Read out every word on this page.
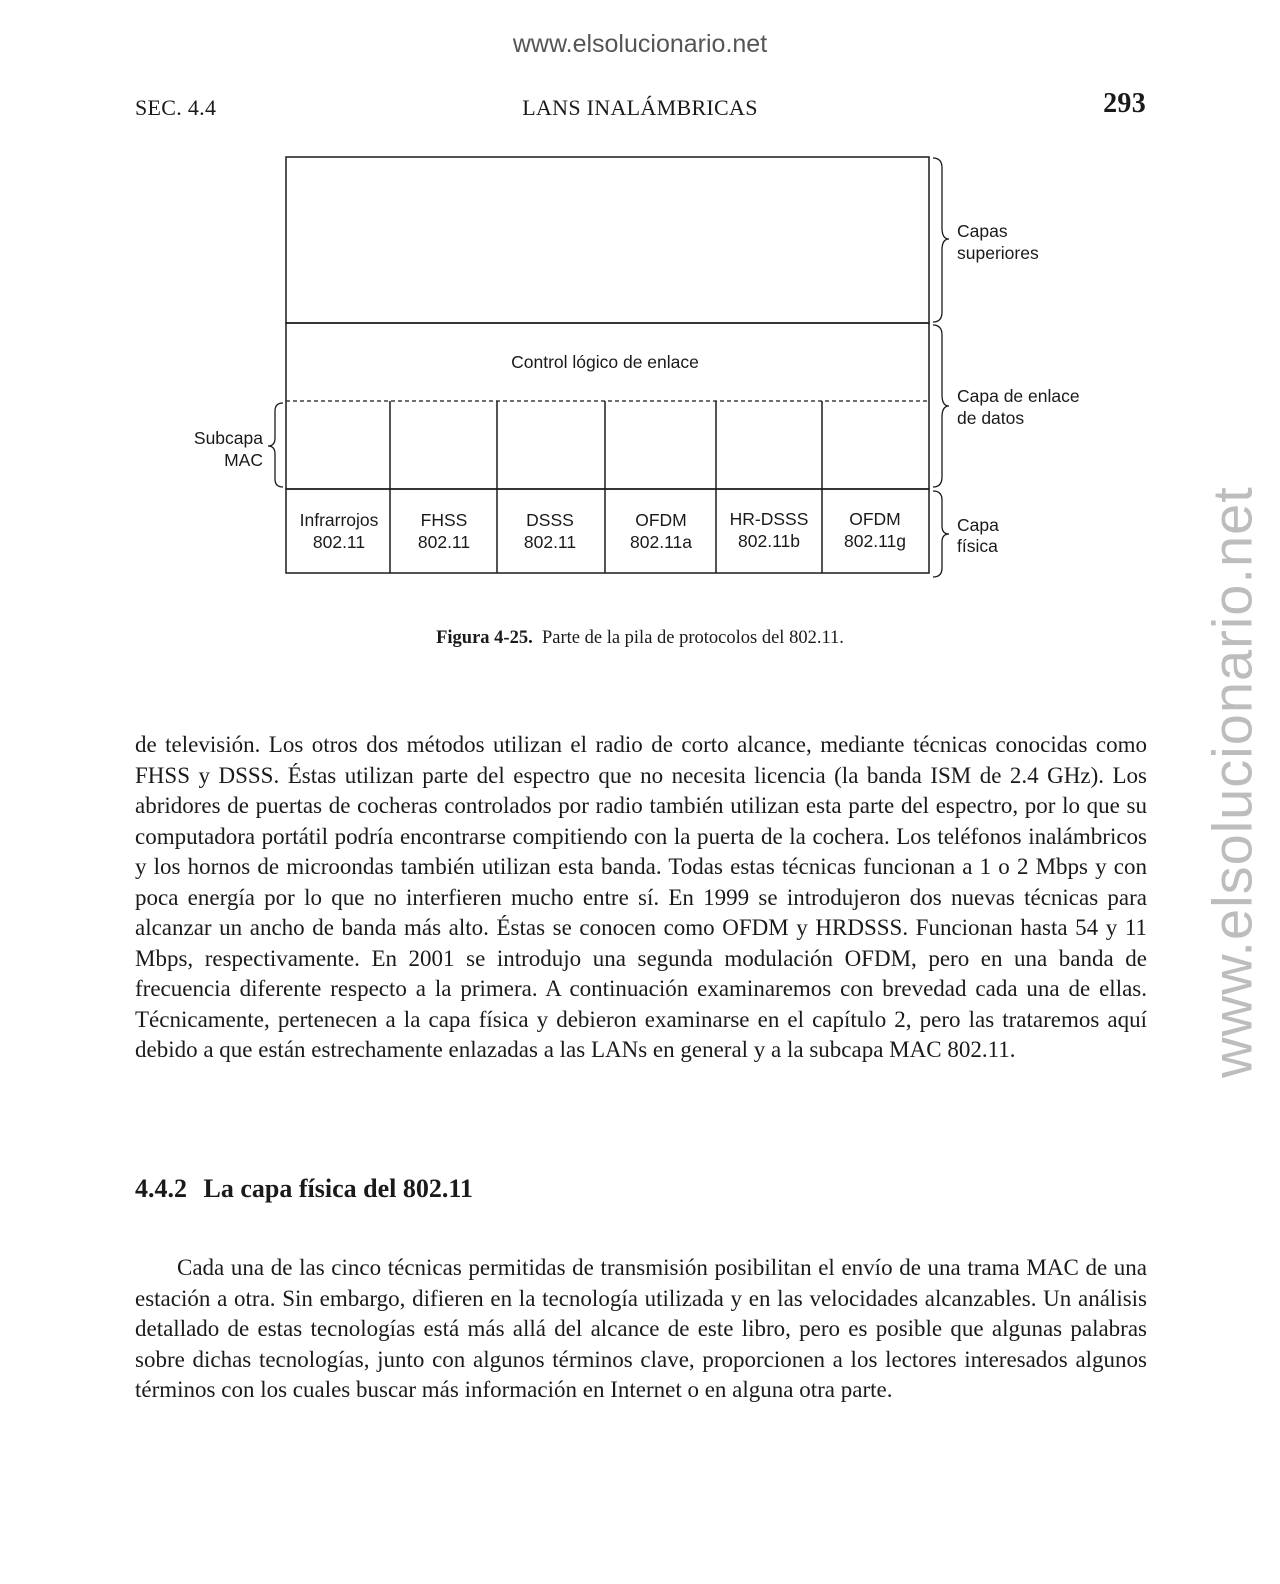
www.elsolucionario.net
www.elsolucionario.net
SEC. 4.4	LANS INALÁMBRICAS	293
Control lógico de enlace
Infrarrojos
802.11
FHSS
802.11
DSSS
802.11
OFDM
802.11a
HR-DSSS
802.11b
OFDM
802.11g
Capas
superiores
Capa de enlace
de datos
Capa
física
Subcapa
MAC
Figura 4-25. Parte de la pila de protocolos del 802.11.
de televisión. Los otros dos métodos utilizan el radio de corto alcance, mediante técnicas conocidas como FHSS y DSSS. Éstas utilizan parte del espectro que no necesita licencia (la banda ISM de 2.4 GHz). Los abridores de puertas de cocheras controlados por radio también utilizan esta parte del espectro, por lo que su computadora portátil podría encontrarse compitiendo con la puerta de la cochera. Los teléfonos inalámbricos y los hornos de microondas también utilizan esta banda. Todas estas técnicas funcionan a 1 o 2 Mbps y con poca energía por lo que no interfieren mucho entre sí. En 1999 se introdujeron dos nuevas técnicas para alcanzar un ancho de banda más alto. Éstas se conocen como OFDM y HRDSSS. Funcionan hasta 54 y 11 Mbps, respectivamente. En 2001 se introdujo una segunda modulación OFDM, pero en una banda de frecuencia diferente respecto a la primera. A continuación examinaremos con brevedad cada una de ellas. Técnicamente, pertenecen a la capa física y debieron examinarse en el capítulo 2, pero las trataremos aquí debido a que están estrechamente enlazadas a las LANs en general y a la subcapa MAC 802.11.
4.4.2 La capa física del 802.11
Cada una de las cinco técnicas permitidas de transmisión posibilitan el envío de una trama MAC de una estación a otra. Sin embargo, difieren en la tecnología utilizada y en las velocidades alcanzables. Un análisis detallado de estas tecnologías está más allá del alcance de este libro, pero es posible que algunas palabras sobre dichas tecnologías, junto con algunos términos clave, proporcionen a los lectores interesados algunos términos con los cuales buscar más información en Internet o en alguna otra parte.
